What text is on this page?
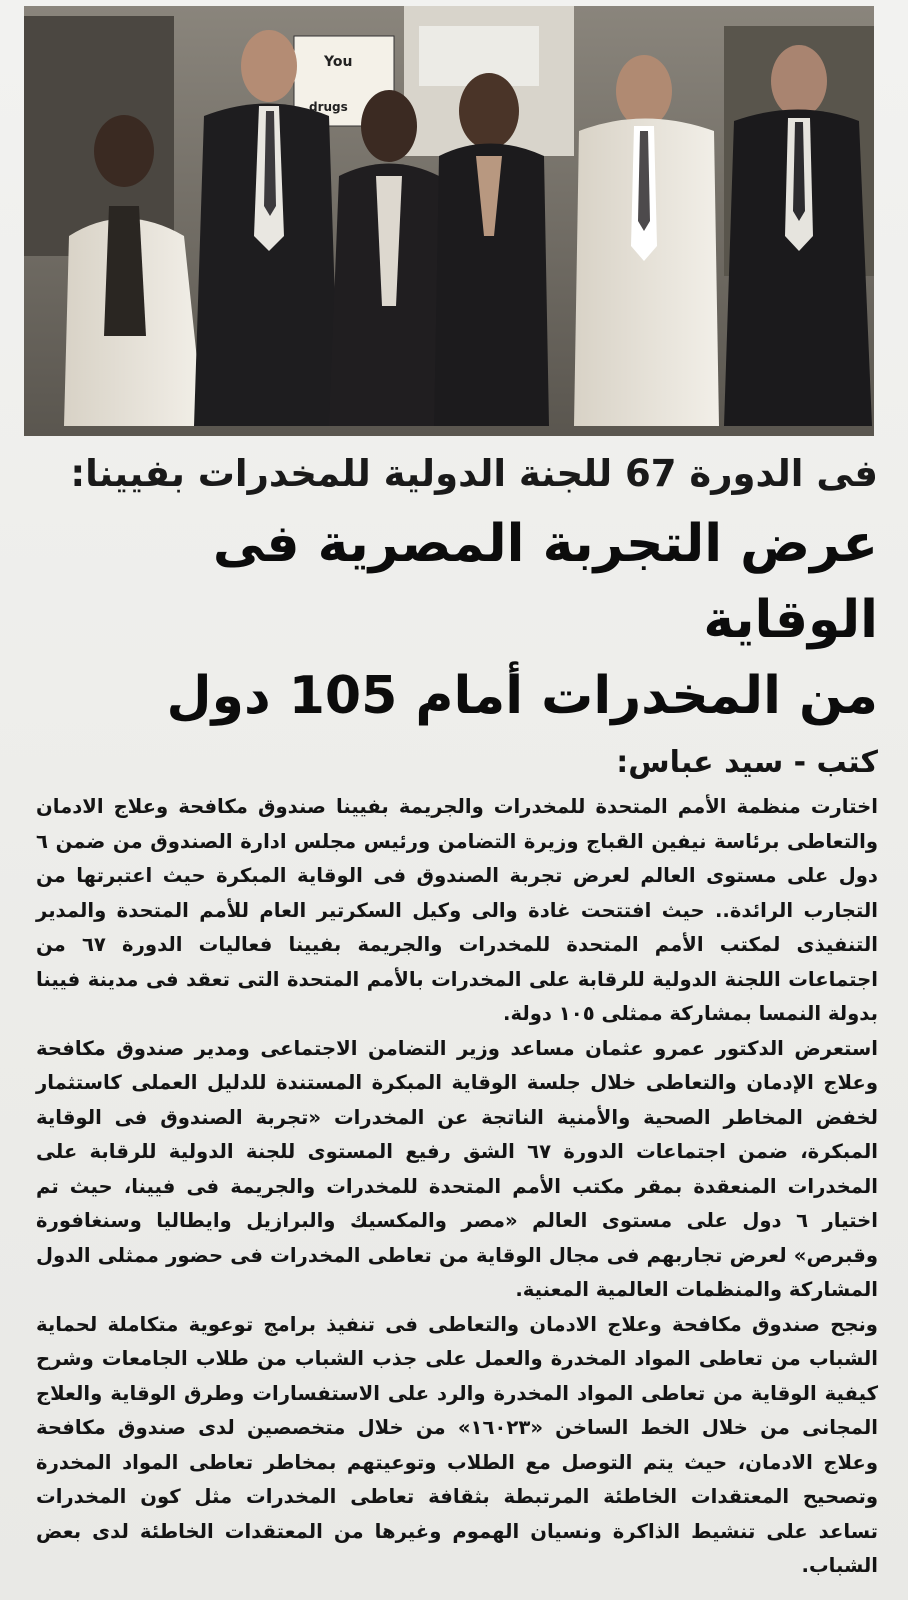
You
drugs
فى الدورة 67 للجنة الدولية للمخدرات بفيينا:
عرض التجربة المصرية فى الوقاية
من المخدرات أمام 105 دول
كتب - سيد عباس:

اختارت منظمة الأمم المتحدة للمخدرات والجريمة بفيينا صندوق مكافحة وعلاج الادمان والتعاطى برئاسة نيفين القباج وزيرة التضامن ورئيس مجلس ادارة الصندوق من ضمن ٦ دول على مستوى العالم لعرض تجربة الصندوق فى الوقاية المبكرة حيث اعتبرتها من التجارب الرائدة.. حيث افتتحت غادة والى وكيل السكرتير العام للأمم المتحدة والمدير التنفيذى لمكتب الأمم المتحدة للمخدرات والجريمة بفيينا فعاليات الدورة ٦٧ من اجتماعات اللجنة الدولية للرقابة على المخدرات بالأمم المتحدة التى تعقد فى مدينة فيينا بدولة النمسا بمشاركة ممثلى ١٠٥ دولة.

استعرض الدكتور عمرو عثمان مساعد وزير التضامن الاجتماعى ومدير صندوق مكافحة وعلاج الإدمان والتعاطى خلال جلسة الوقاية المبكرة المستندة للدليل العملى كاستثمار لخفض المخاطر الصحية والأمنية الناتجة عن المخدرات «تجربة الصندوق فى الوقاية المبكرة، ضمن اجتماعات الدورة ٦٧ الشق رفيع المستوى للجنة الدولية للرقابة على المخدرات المنعقدة بمقر مكتب الأمم المتحدة للمخدرات والجريمة فى فيينا، حيث تم اختيار ٦ دول على مستوى العالم «مصر والمكسيك والبرازيل وايطاليا وسنغافورة وقبرص» لعرض تجاربهم فى مجال الوقاية من تعاطى المخدرات فى حضور ممثلى الدول المشاركة والمنظمات العالمية المعنية.

ونجح صندوق مكافحة وعلاج الادمان والتعاطى فى تنفيذ برامج توعوية متكاملة لحماية الشباب من تعاطى المواد المخدرة والعمل على جذب الشباب من طلاب الجامعات وشرح كيفية الوقاية من تعاطى المواد المخدرة والرد على الاستفسارات وطرق الوقاية والعلاج المجانى من خلال الخط الساخن «١٦٠٢٣» من خلال متخصصين لدى صندوق مكافحة وعلاج الادمان، حيث يتم التوصل مع الطلاب وتوعيتهم بمخاطر تعاطى المواد المخدرة وتصحيح المعتقدات الخاطئة المرتبطة بثقافة تعاطى المخدرات مثل كون المخدرات تساعد على تنشيط الذاكرة ونسيان الهموم وغيرها من المعتقدات الخاطئة لدى بعض الشباب.
